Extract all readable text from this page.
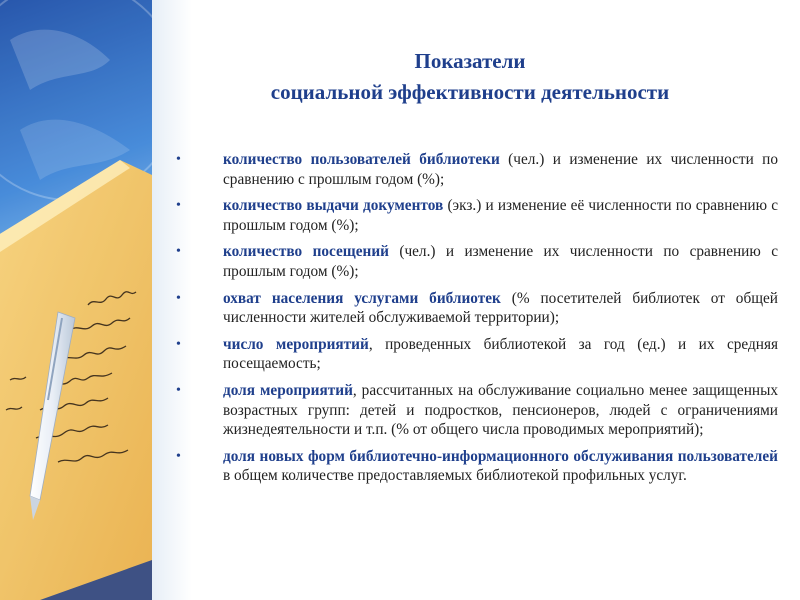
Показатели
социальной эффективности деятельности
•	количество пользователей библиотеки (чел.) и изменение их численности по сравнению с прошлым годом (%);
•	количество выдачи документов (экз.) и изменение её численности по сравнению с прошлым годом (%);
•	количество посещений (чел.) и изменение их численности по сравнению с прошлым годом (%);
•	охват населения услугами библиотек (% посетителей библиотек от общей численности жителей обслуживаемой территории);
•	число мероприятий, проведенных библиотекой за год (ед.) и их средняя посещаемость;
•	доля мероприятий, рассчитанных на обслуживание социально менее защищенных возрастных групп: детей и подростков, пенсионеров, людей с ограничениями жизнедеятельности и т.п. (% от общего числа проводимых мероприятий);
•	доля новых форм библиотечно-информационного обслуживания пользователей в общем количестве предоставляемых библиотекой профильных услуг.
